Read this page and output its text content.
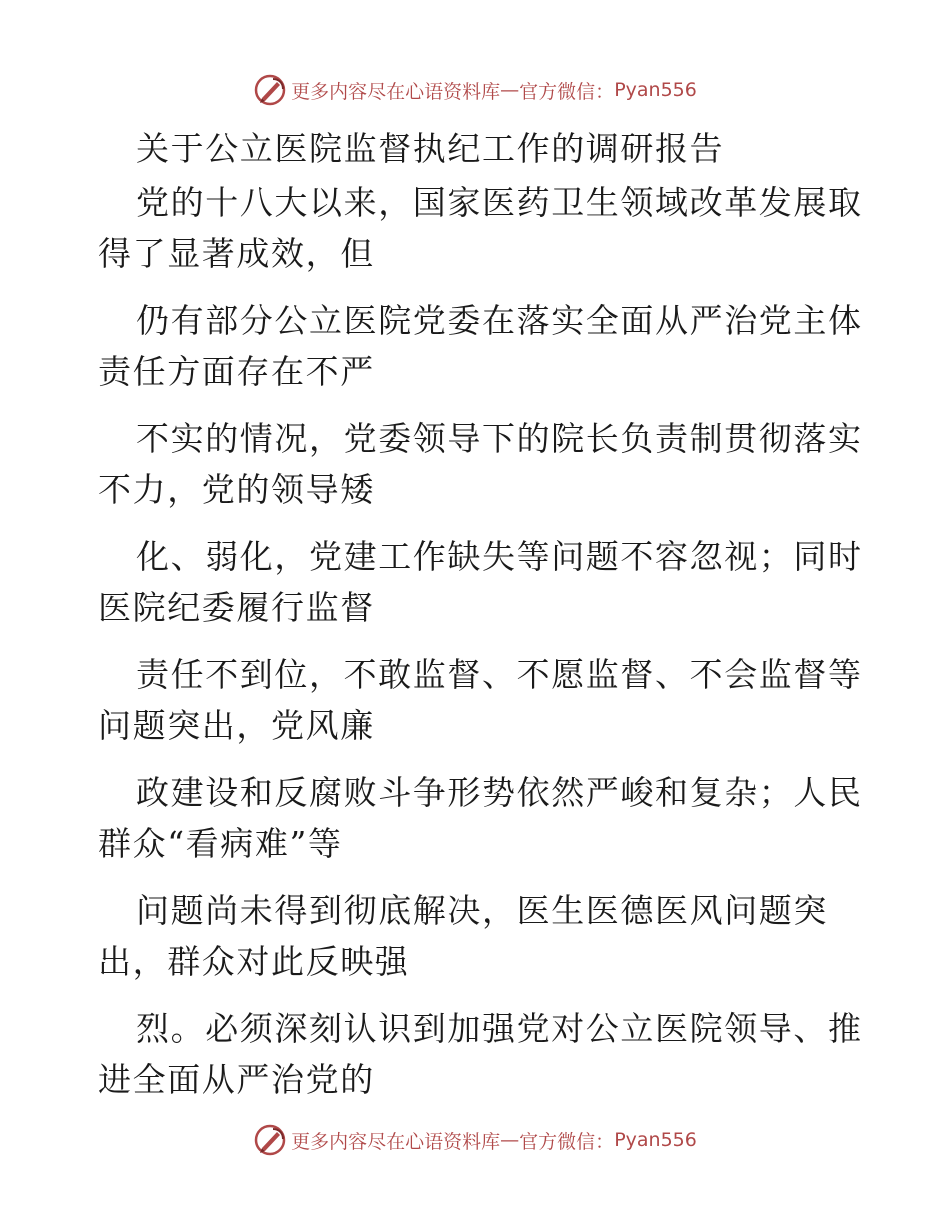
更多内容尽在心语资料库 — 官方微信： Pyan556
关于公立医院监督执纪工作的调研报告
党的十八大以来，国家医药卫生领域改革发展取
得了显著成效，但
仍有部分公立医院党委在落实全面从严治党主体
责任方面存在不严
不实的情况，党委领导下的院长负责制贯彻落实
不力，党的领导矮
化、弱化，党建工作缺失等问题不容忽视；同时
医院纪委履行监督
责任不到位，不敢监督、不愿监督、不会监督等
问题突出，党风廉
政建设和反腐败斗争形势依然严峻和复杂；人民
群众“看病难”等
问题尚未得到彻底解决，医生医德医风问题突
出，群众对此反映强
烈。必须深刻认识到加强党对公立医院领导、推
进全面从严治党的
更多内容尽在心语资料库 — 官方微信： Pyan556
